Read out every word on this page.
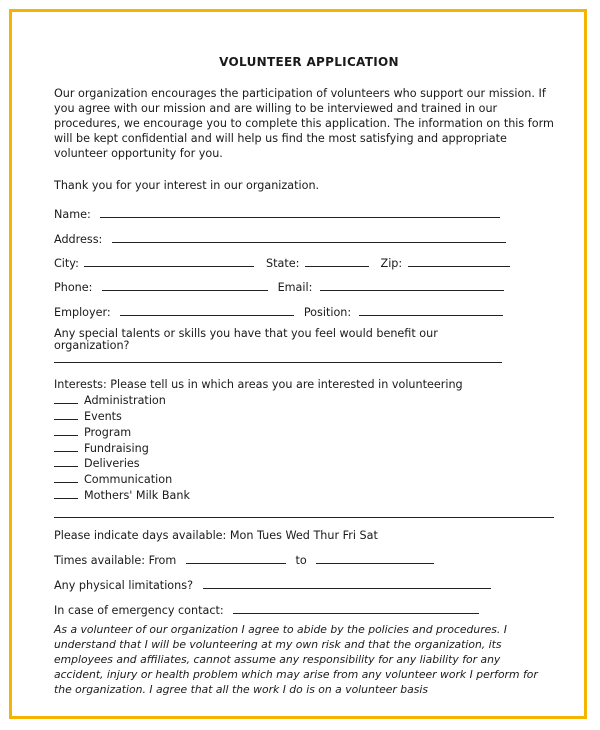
VOLUNTEER APPLICATION
Our organization encourages the participation of volunteers who support our mission. If you agree with our mission and are willing to be interviewed and trained in our procedures, we encourage you to complete this application. The information on this form will be kept confidential and will help us find the most satisfying and appropriate volunteer opportunity for you.
Thank you for your interest in our organization.
Name:
Address:
City:	State:	Zip:
Phone:	Email:
Employer:	Position:
Any special talents or skills you have that you feel would benefit our organization?
Interests: Please tell us in which areas you are interested in volunteering
Administration
Events
Program
Fundraising
Deliveries
Communication
Mothers' Milk Bank
Please indicate days available: Mon Tues Wed Thur Fri Sat
Times available: From	to
Any physical limitations?
In case of emergency contact:
As a volunteer of our organization I agree to abide by the policies and procedures. I understand that I will be volunteering at my own risk and that the organization, its employees and affiliates, cannot assume any responsibility for any liability for any accident, injury or health problem which may arise from any volunteer work I perform for the organization. I agree that all the work I do is on a volunteer basis
